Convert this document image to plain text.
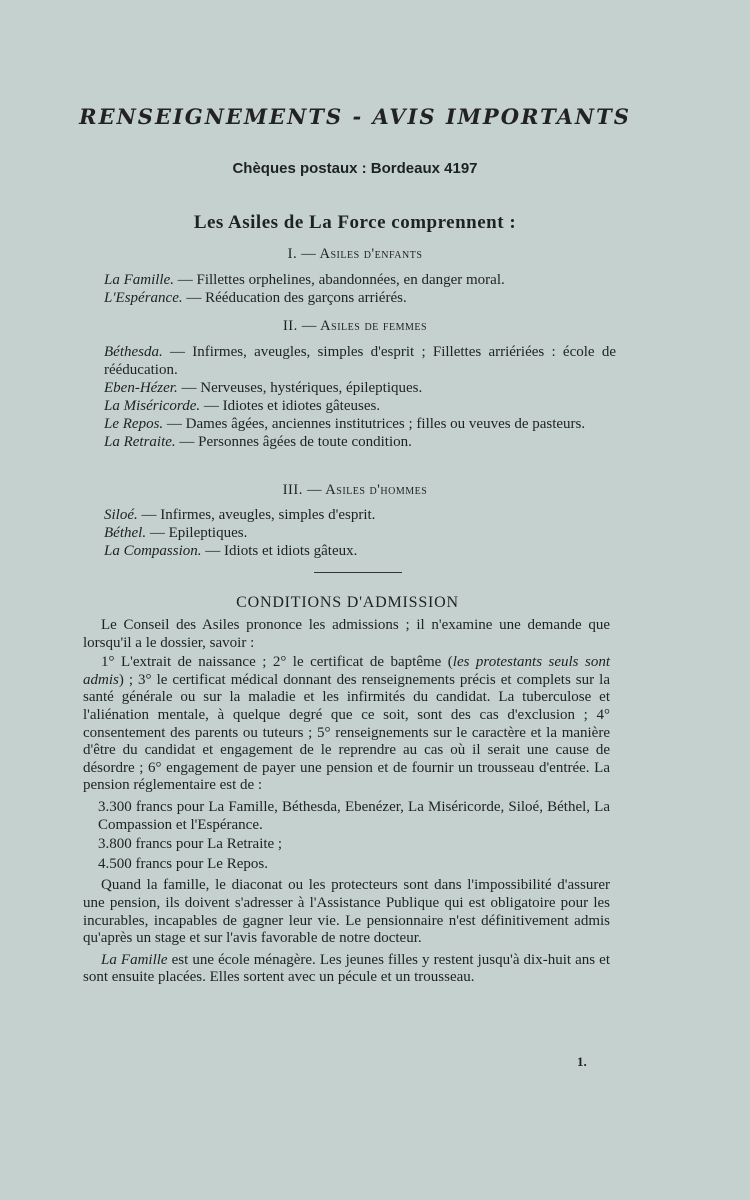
RENSEIGNEMENTS - AVIS IMPORTANTS
Chèques postaux : Bordeaux 4197
Les Asiles de La Force comprennent :
I. — Asiles d'enfants

La Famille. — Fillettes orphelines, abandonnées, en danger moral.

L'Espérance. — Rééducation des garçons arriérés.

II. — Asiles de femmes

Béthesda. — Infirmes, aveugles, simples d'esprit ; Fillettes arriériées : école de rééducation.

Eben-Hézer. — Nerveuses, hystériques, épileptiques.

La Miséricorde. — Idiotes et idiotes gâteuses.

Le Repos. — Dames âgées, anciennes institutrices ; filles ou veuves de pasteurs.

La Retraite. — Personnes âgées de toute condition.

III. — Asiles d'hommes

Siloé. — Infirmes, aveugles, simples d'esprit.

Béthel. — Epileptiques.

La Compassion. — Idiots et idiots gâteux.

CONDITIONS D'ADMISSION

Le Conseil des Asiles prononce les admissions ; il n'examine une demande que lorsqu'il a le dossier, savoir :

1° L'extrait de naissance ; 2° le certificat de baptême (les protestants seuls sont admis) ; 3° le certificat médical donnant des renseignements précis et complets sur la santé générale ou sur la maladie et les infirmités du candidat. La tuberculose et l'aliénation mentale, à quelque degré que ce soit, sont des cas d'exclusion ; 4° consentement des parents ou tuteurs ; 5° renseignements sur le caractère et la manière d'être du candidat et engagement de le reprendre au cas où il serait une cause de désordre ; 6° engagement de payer une pension et de fournir un trousseau d'entrée. La pension réglementaire est de :

3.300 francs pour La Famille, Béthesda, Ebenézer, La Miséricorde, Siloé, Béthel, La Compassion et l'Espérance.

3.800 francs pour La Retraite ;

4.500 francs pour Le Repos.

Quand la famille, le diaconat ou les protecteurs sont dans l'impossibilité d'assurer une pension, ils doivent s'adresser à l'Assistance Publique qui est obligatoire pour les incurables, incapables de gagner leur vie. Le pensionnaire n'est définitivement admis qu'après un stage et sur l'avis favorable de notre docteur.

La Famille est une école ménagère. Les jeunes filles y restent jusqu'à dix-huit ans et sont ensuite placées. Elles sortent avec un pécule et un trousseau.

1.
